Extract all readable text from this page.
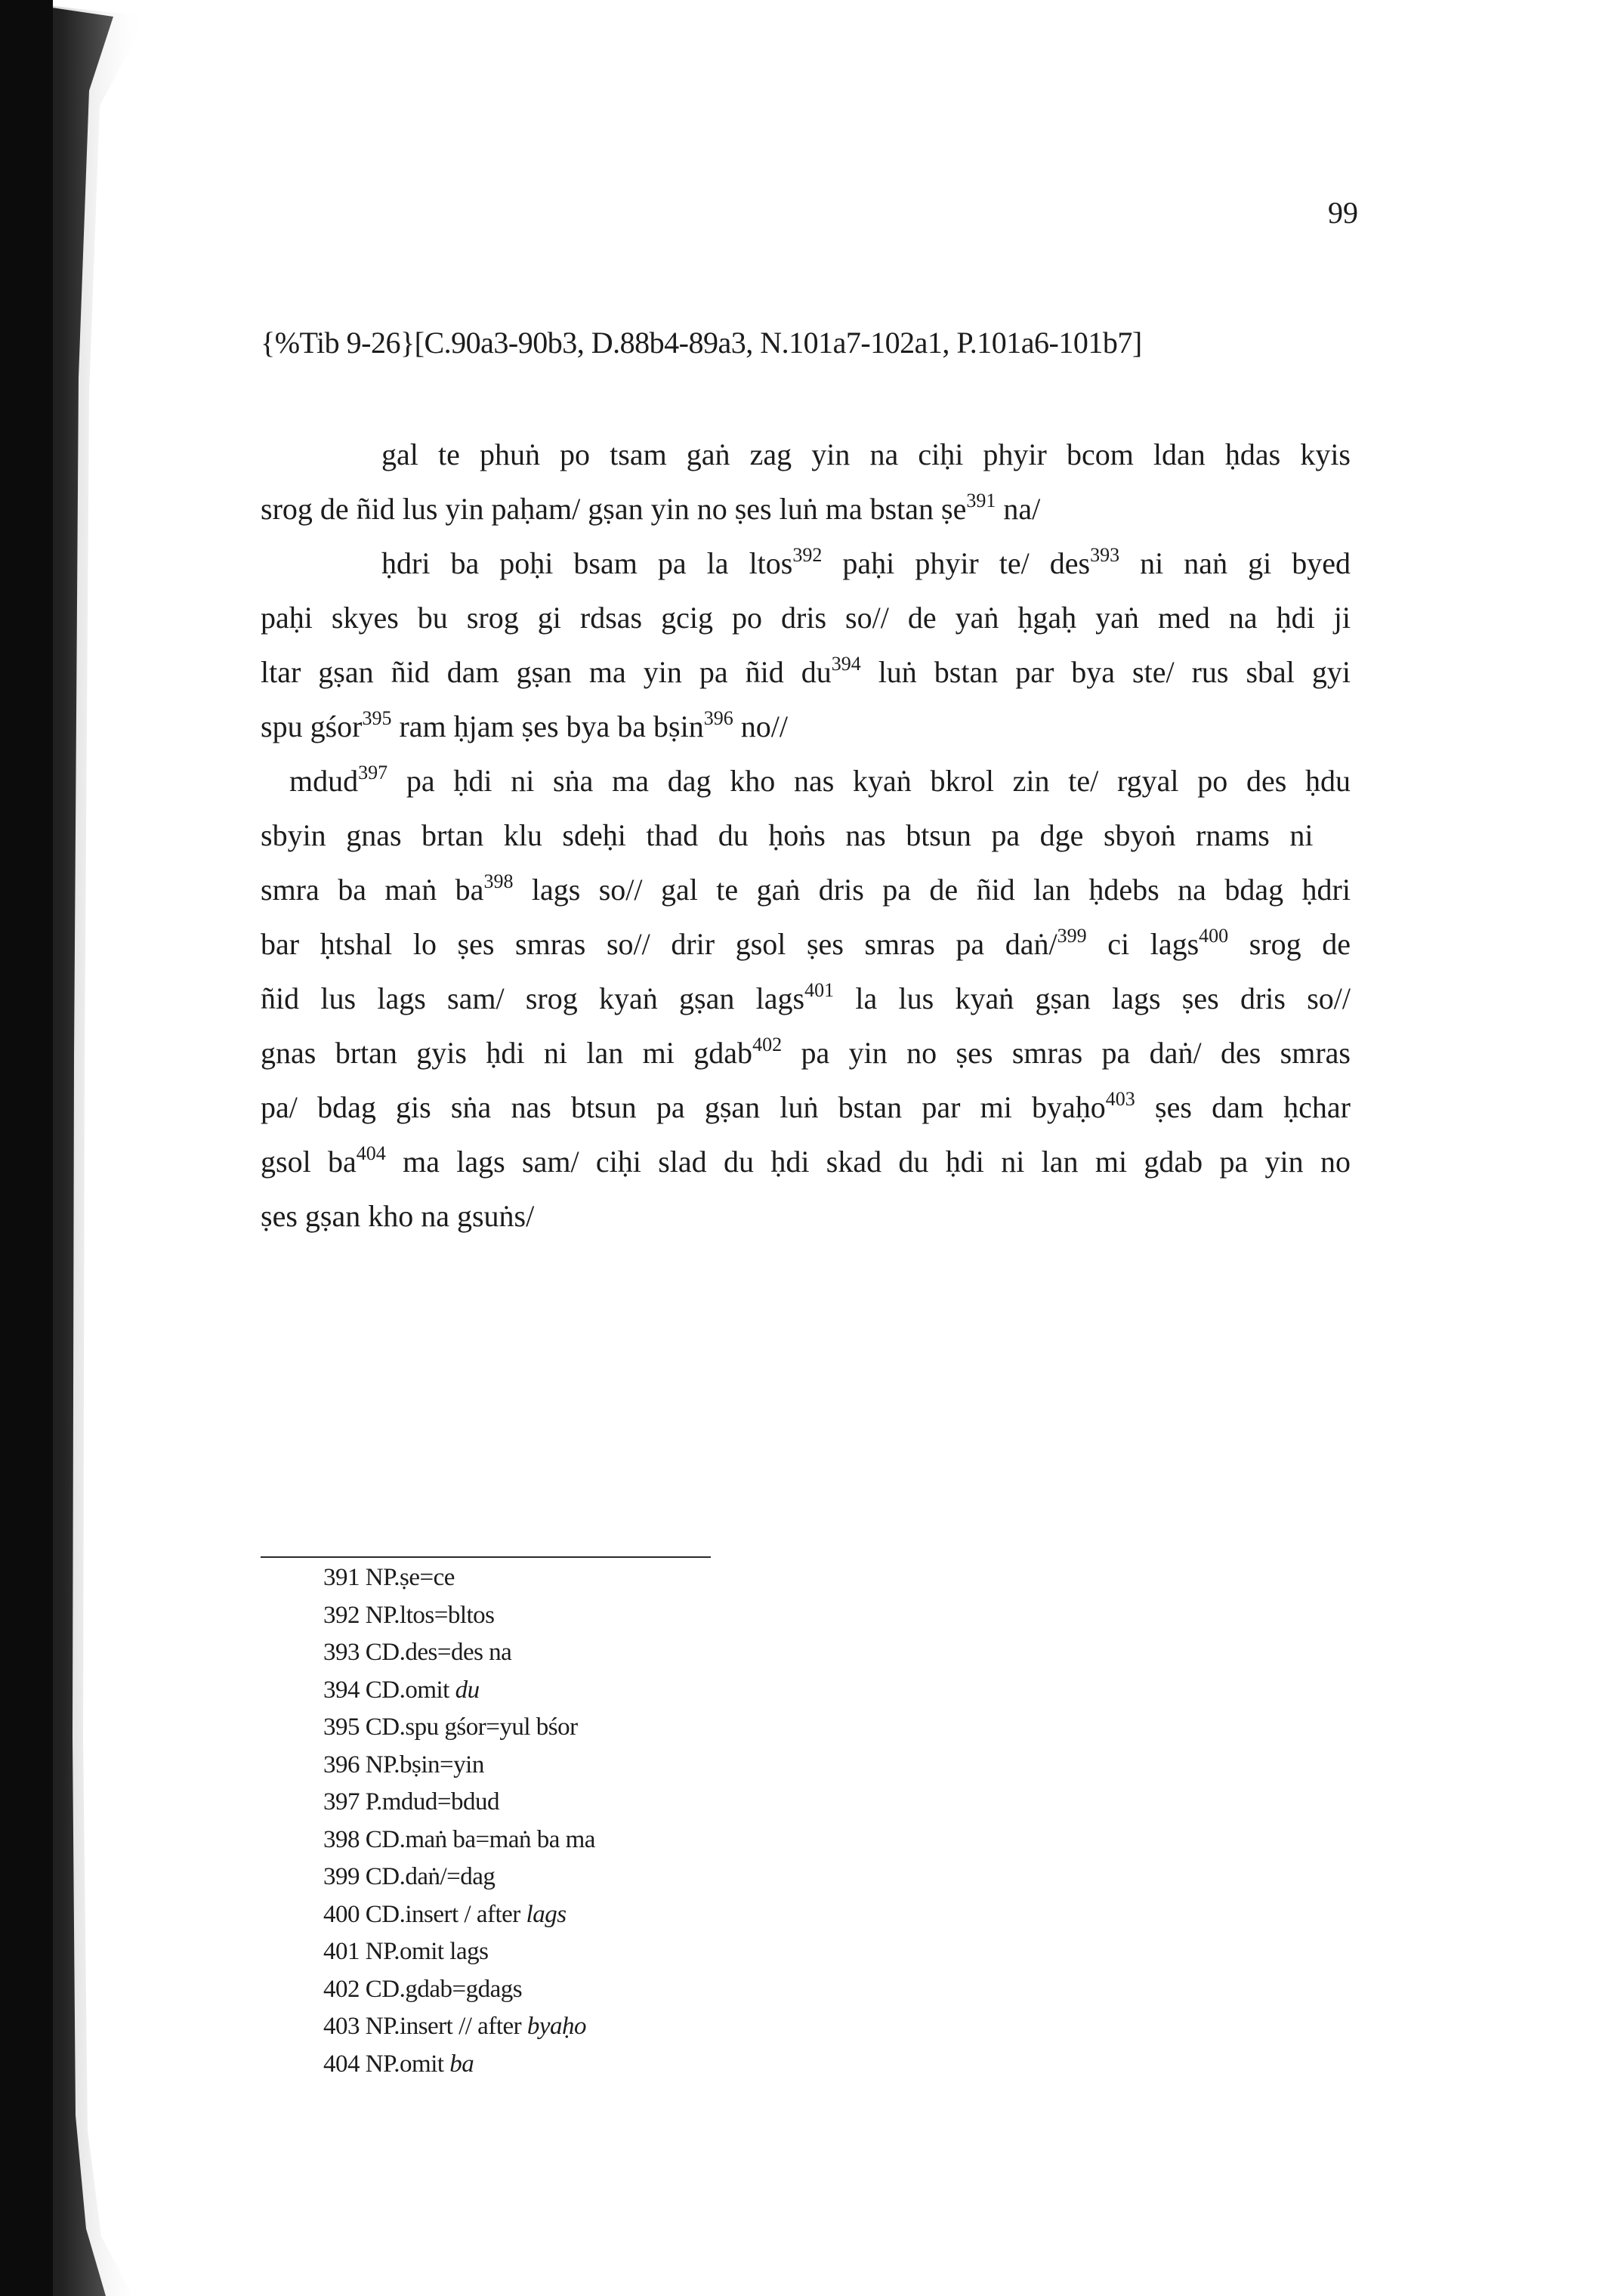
99
{%Tib 9-26}[C.90a3-90b3, D.88b4-89a3, N.101a7-102a1, P.101a6-101b7]
gal te phuṅ po tsam gaṅ zag yin na ciḥi phyir bcom ldan ḥdas kyis
srog de ñid lus yin paḥam/ gṣan yin no ṣes luṅ ma bstan ṣe$^{391}$ na/
ḥdri ba poḥi bsam pa la ltos$^{392}$ paḥi phyir te/ des$^{393}$ ni naṅ gi byed
paḥi skyes bu srog gi rdsas gcig po dris so// de yaṅ ḥgaḥ yaṅ med na ḥdi ji
ltar gṣan ñid dam gṣan ma yin pa ñid $du^{394}$ luṅ bstan par bya ste/ rus sbal gyi
spu gśor$^{395}$ ram ḥjam ṣes bya ba bṣin$^{396}$ no//
mdud$^{397}$ pa ḥdi ni sṅa ma dag kho nas kyaṅ bkrol zin te/ rgyal po des ḥdu
sbyin gnas brtan klu sdeḥi thad du ḥoṅs nas btsun pa dge sbyoṅ rnams ni
smra ba maṅ $ba^{398}$ lags so// gal te gaṅ dris pa de ñid lan ḥdebs na bdag ḥdri
bar ḥtshal lo ṣes smras so// drir gsol ṣes smras pa daṅ/$^{399}$ ci lags$^{400}$ srog de
ñid lus lags sam/ srog kyaṅ gṣan lags$^{401}$ la lus kyaṅ gṣan lags ṣes dris so//
gnas brtan gyis ḥdi ni lan mi gdab$^{402}$ pa yin no ṣes smras pa daṅ/ des smras
pa/ bdag gis sṅa nas btsun pa gṣan luṅ bstan par mi byaḥo$^{403}$ ṣes dam ḥchar
gsol $ba^{404}$ ma lags sam/ ciḥi slad du ḥdi skad du ḥdi ni lan mi gdab pa yin no
ṣes gṣan kho na gsuṅs/
391 NP.ṣe=ce
392 NP.ltos=bltos
393 CD.des=des na
394 CD.omit du
395 CD.spu gśor=yul bśor
396 NP.bṣin=yin
397 P.mdud=bdud
398 CD.maṅ ba=maṅ ba ma
399 CD.daṅ/=dag
400 CD.insert / after lags
401 NP.omit lags
402 CD.gdab=gdags
403 NP.insert // after byaḥo
404 NP.omit ba
